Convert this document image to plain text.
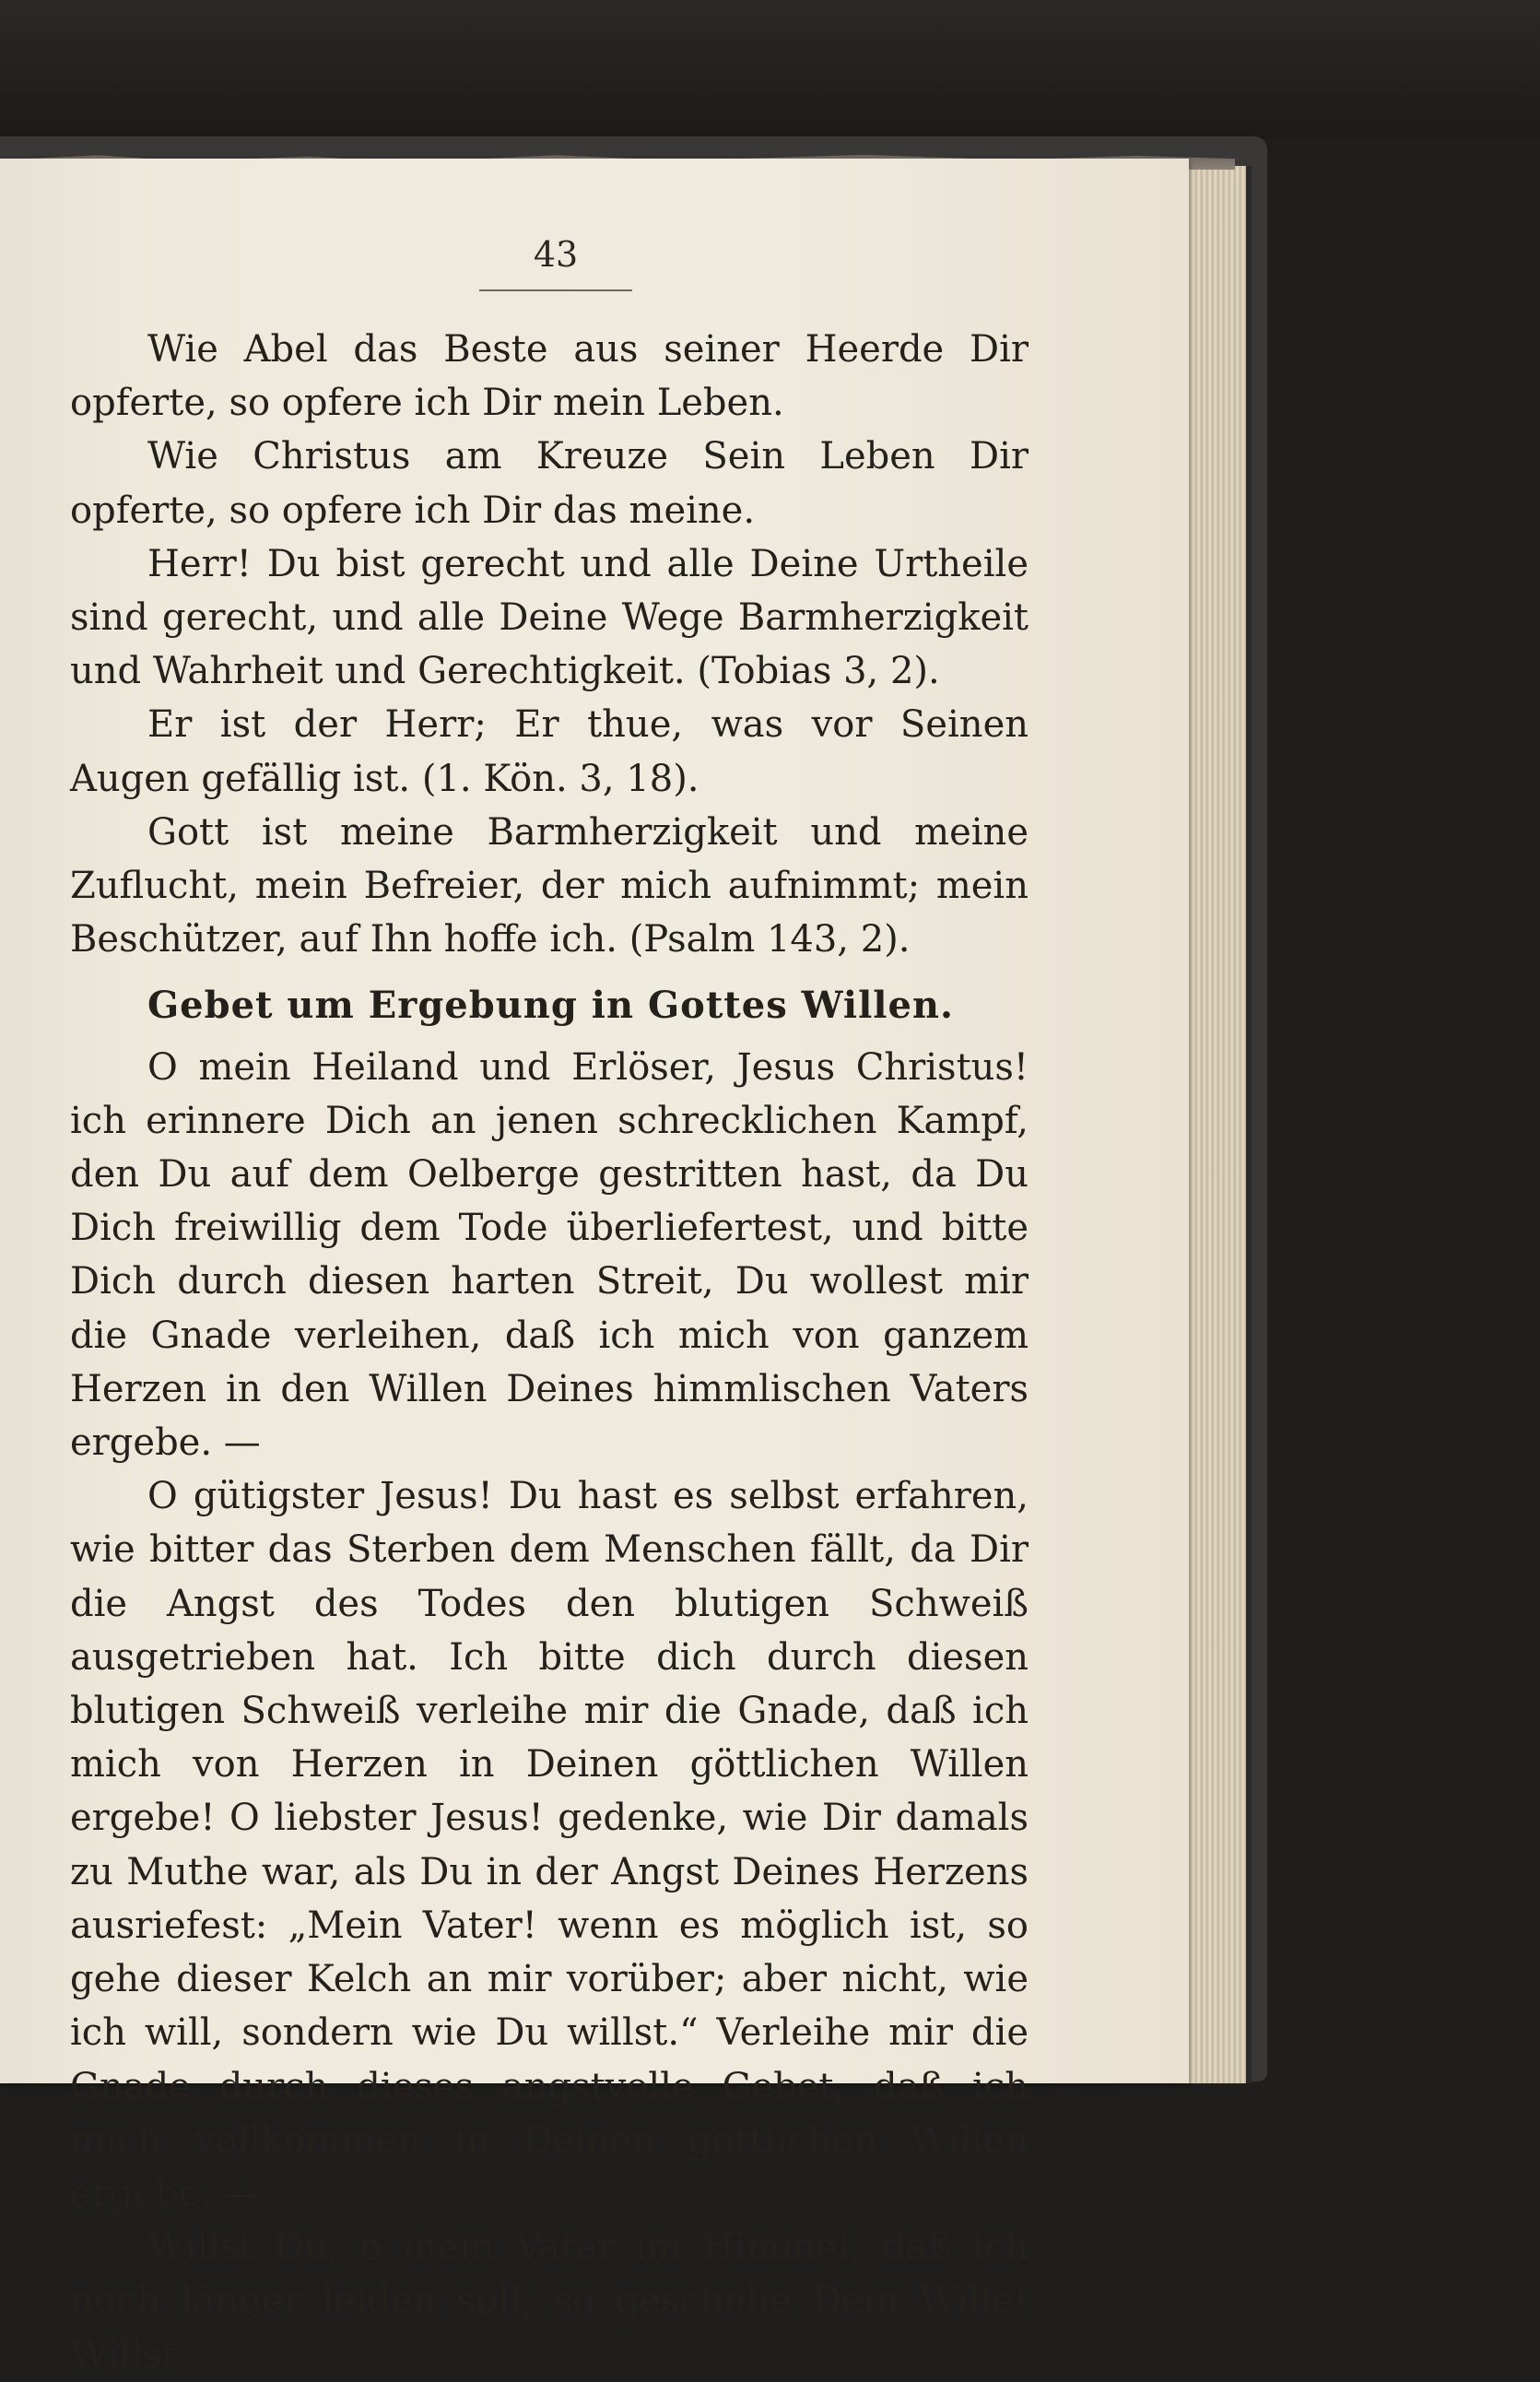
43
Wie Abel das Beste aus seiner Heerde Dir opferte, so opfere ich Dir mein Leben.
Wie Christus am Kreuze Sein Leben Dir opferte, so opfere ich Dir das meine.
Herr! Du bist gerecht und alle Deine Urtheile sind gerecht, und alle Deine Wege Barmherzigkeit und Wahrheit und Gerechtigkeit. (Tobias 3, 2).
Er ist der Herr; Er thue, was vor Seinen Augen gefällig ist. (1. Kön. 3, 18).
Gott ist meine Barmherzigkeit und meine Zuflucht, mein Befreier, der mich aufnimmt; mein Beschützer, auf Ihn hoffe ich. (Psalm 143, 2).
Gebet um Ergebung in Gottes Willen.
O mein Heiland und Erlöser, Jesus Christus! ich erinnere Dich an jenen schrecklichen Kampf, den Du auf dem Oelberge gestritten hast, da Du Dich freiwillig dem Tode überliefertest, und bitte Dich durch diesen harten Streit, Du wollest mir die Gnade verleihen, daß ich mich von ganzem Herzen in den Willen Deines himmlischen Vaters ergebe. —
O gütigster Jesus! Du hast es selbst erfahren, wie bitter das Sterben dem Menschen fällt, da Dir die Angst des Todes den blutigen Schweiß ausgetrieben hat. Ich bitte dich durch diesen blutigen Schweiß verleihe mir die Gnade, daß ich mich von Herzen in Deinen göttlichen Willen ergebe! O liebster Jesus! gedenke, wie Dir damals zu Muthe war, als Du in der Angst Deines Herzens ausriefest: „Mein Vater! wenn es möglich ist, so gehe dieser Kelch an mir vorüber; aber nicht, wie ich will, sondern wie Du willst.“ Verleihe mir die Gnade durch dieses angstvolle Gebet, daß ich mich vollkommen in Deinen göttlichen Willen ergebe. —
Willst Du, o mein Vater im Himmel, daß ich noch länger leiden soll, so geschehe Dein Wille! Willst
